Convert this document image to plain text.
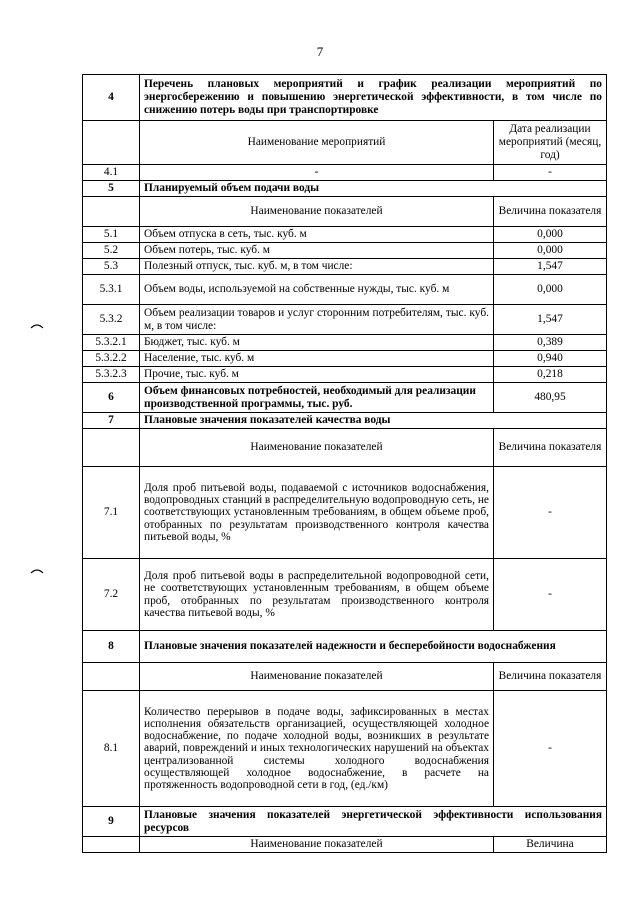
7
4	Перечень плановых мероприятий и график реализации мероприятий по энергосбережению и повышению энергетической эффективности, в том числе по снижению потерь воды при транспортировке	
	Наименование мероприятий	Дата реализации мероприятий (месяц, год)
4.1	-	-
5	Планируемый объем подачи воды	
	Наименование показателей	Величина показателя
5.1	Объем отпуска в сеть, тыс. куб. м	0,000
5.2	Объем потерь, тыс. куб. м	0,000
5.3	Полезный отпуск, тыс. куб. м, в том числе:	1,547
5.3.1	Объем воды, используемой на собственные нужды, тыс. куб. м	0,000
5.3.2	Объем реализации товаров и услуг сторонним потребителям, тыс. куб. м, в том числе:	1,547
5.3.2.1	Бюджет, тыс. куб. м	0,389
5.3.2.2	Население, тыс. куб. м	0,940
5.3.2.3	Прочие, тыс. куб. м	0,218
6	Объем финансовых потребностей, необходимый для реализации производственной программы, тыс. руб.	480,95
7	Плановые значения показателей качества воды	
	Наименование показателей	Величина показателя
7.1	Доля проб питьевой воды, подаваемой с источников водоснабжения, водопроводных станций в распределительную водопроводную сеть, не соответствующих установленным требованиям, в общем объеме проб, отобранных по результатам производственного контроля качества питьевой воды, %	-
7.2	Доля проб питьевой воды в распределительной водопроводной сети, не соответствующих установленным требованиям, в общем объеме проб, отобранных по результатам производственного контроля качества питьевой воды, %	-
8	Плановые значения показателей надежности и бесперебойности водоснабжения	
	Наименование показателей	Величина показателя
8.1	Количество перерывов в подаче воды, зафиксированных в местах исполнения обязательств организацией, осуществляющей холодное водоснабжение, по подаче холодной воды, возникших в результате аварий, повреждений и иных технологических нарушений на объектах централизованной системы холодного водоснабжения осуществляющей холодное водоснабжение, в расчете на протяженность водопроводной сети в год, (ед./км)	-
9	Плановые значения показателей энергетической эффективности использования ресурсов	
	Наименование показателей	Величина
